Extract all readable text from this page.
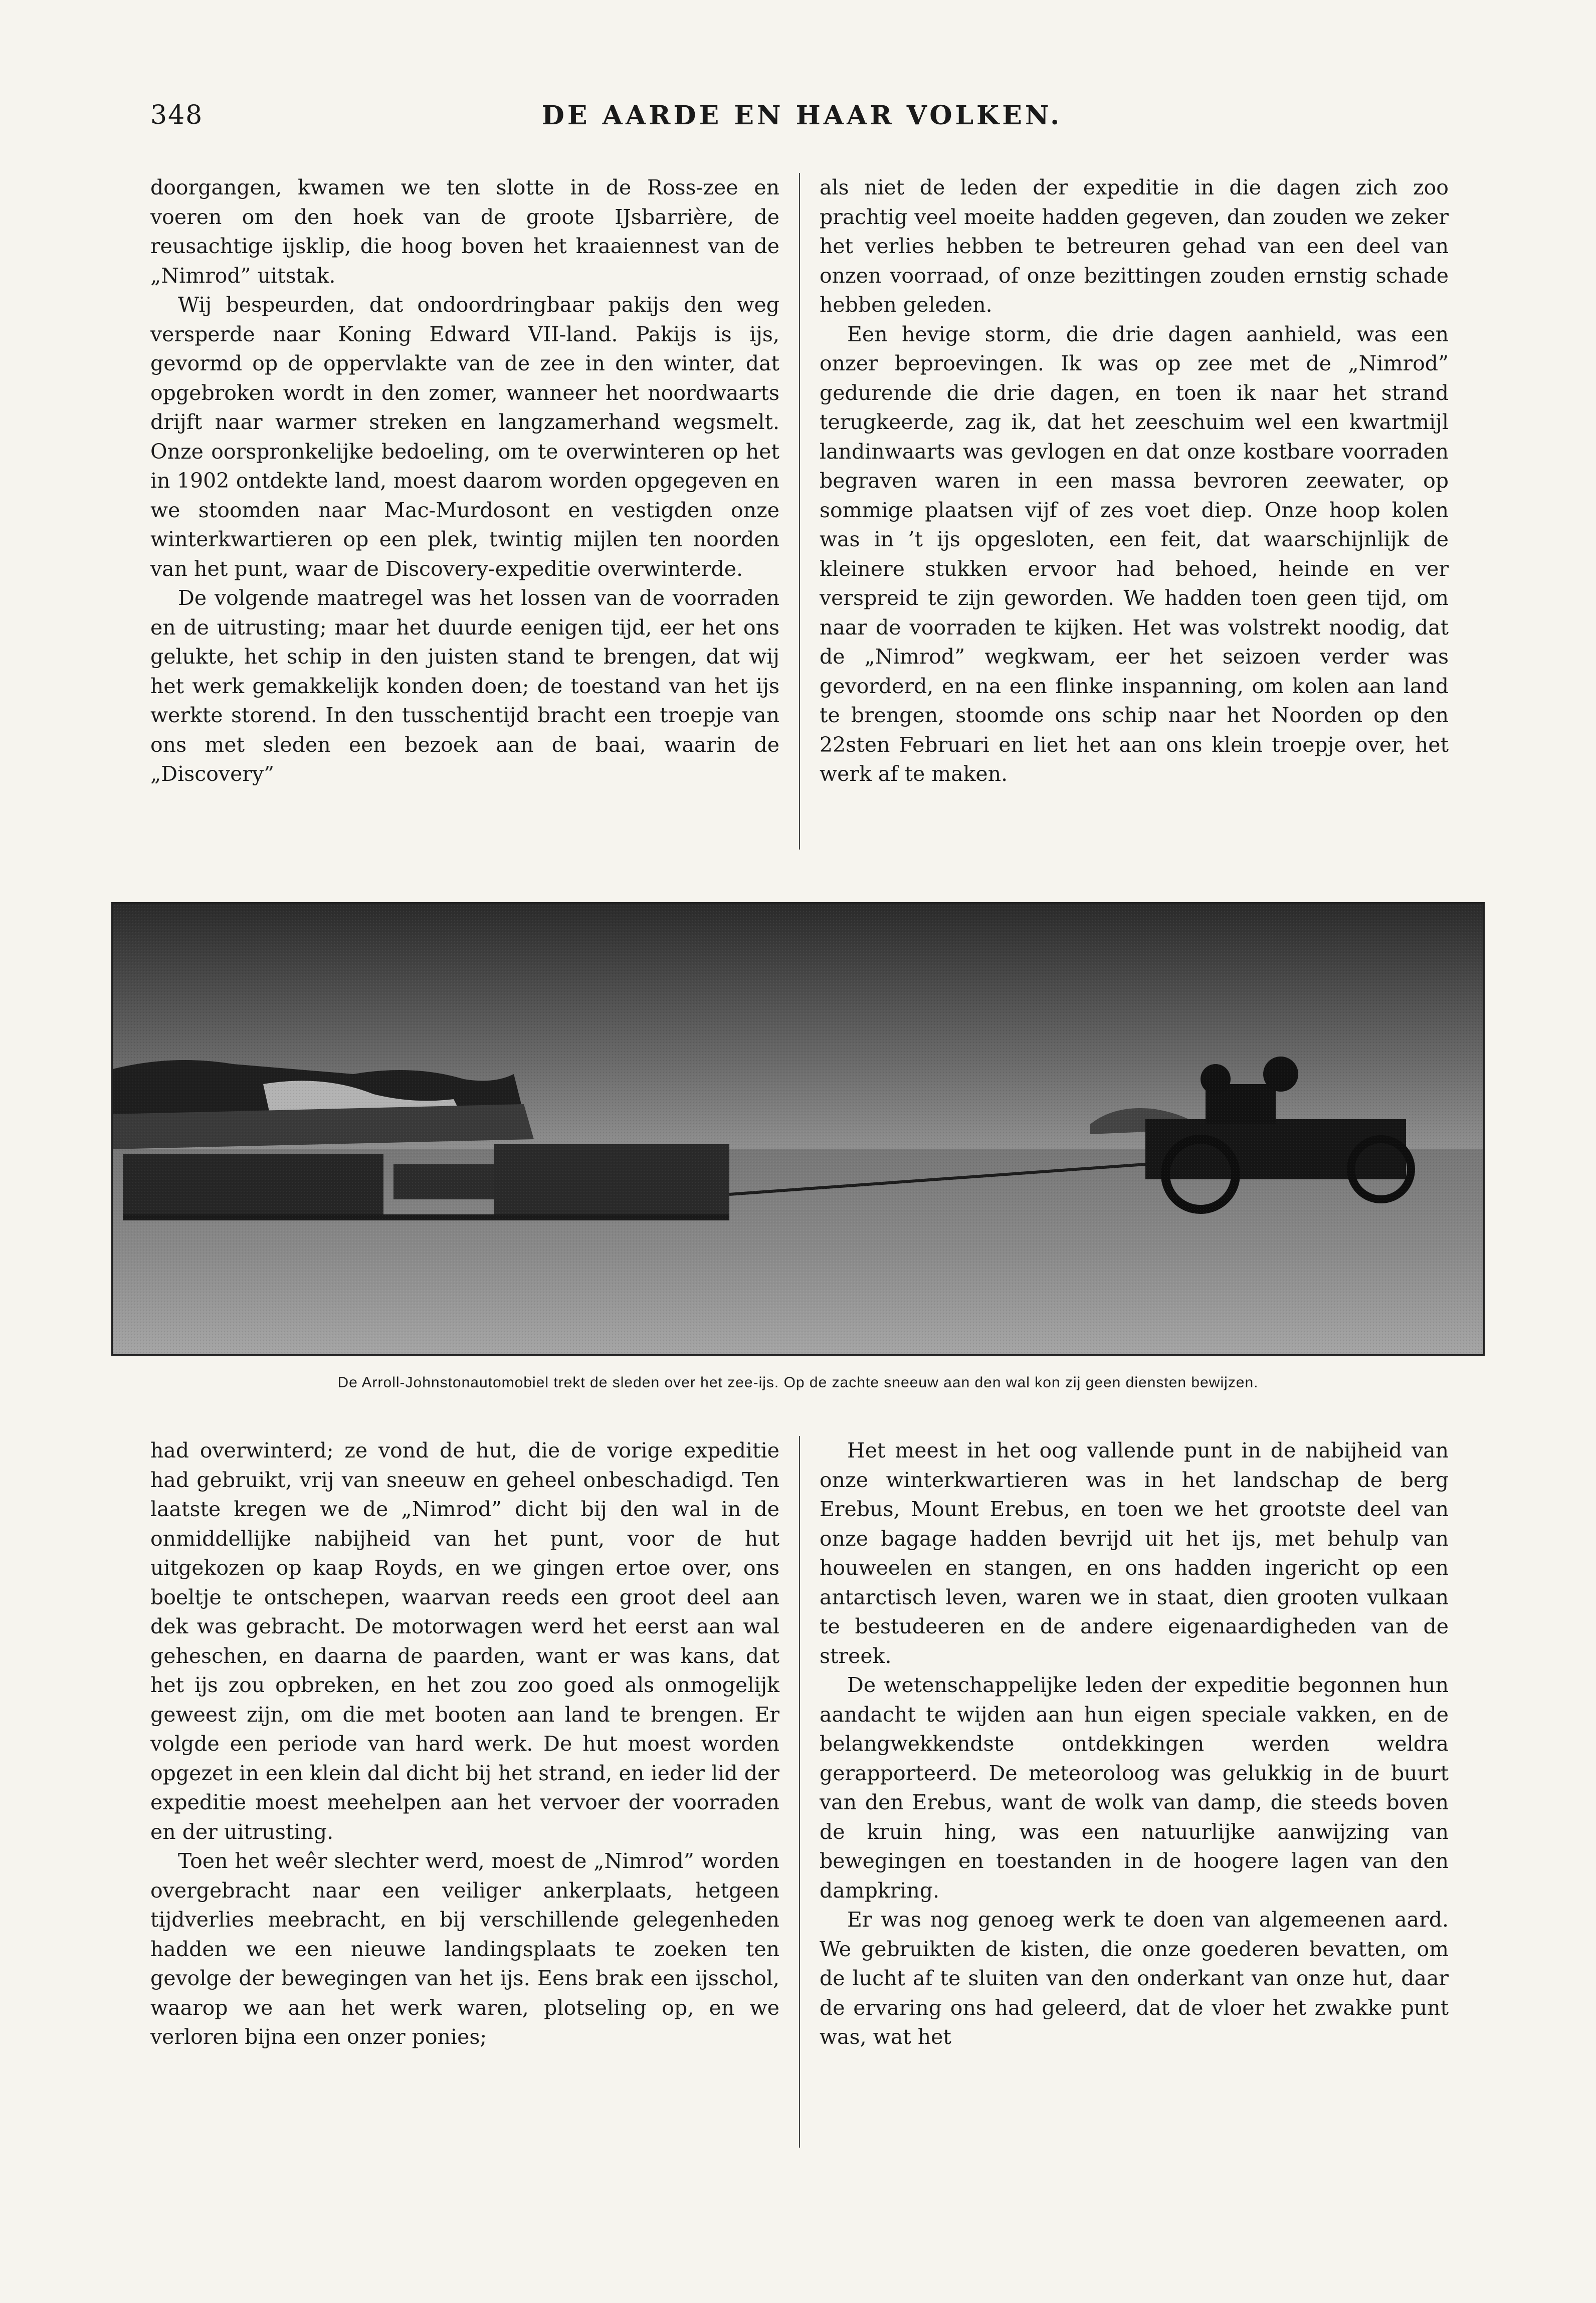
348	DE AARDE EN HAAR VOLKEN.

doorgangen, kwamen we ten slotte in de Ross-zee en voeren om den hoek van de groote IJsbarrière, de reusachtige ijsklip, die hoog boven het kraaiennest van de „Nimrod” uitstak.

Wij bespeurden, dat ondoordringbaar pakijs den weg versperde naar Koning Edward VII-land. Pakijs is ijs, gevormd op de oppervlakte van de zee in den winter, dat opgebroken wordt in den zomer, wanneer het noordwaarts drijft naar warmer streken en langzamerhand wegsmelt. Onze oorspronkelijke bedoeling, om te overwinteren op het in 1902 ontdekte land, moest daarom worden opgegeven en we stoomden naar Mac-Murdosont en vestigden onze winterkwartieren op een plek, twintig mijlen ten noorden van het punt, waar de Discovery-expeditie overwinterde.

De volgende maatregel was het lossen van de voorraden en de uitrusting; maar het duurde eenigen tijd, eer het ons gelukte, het schip in den juisten stand te brengen, dat wij het werk gemakkelijk konden doen; de toestand van het ijs werkte storend. In den tusschentijd bracht een troepje van ons met sleden een bezoek aan de baai, waarin de „Discovery”

als niet de leden der expeditie in die dagen zich zoo prachtig veel moeite hadden gegeven, dan zouden we zeker het verlies hebben te betreuren gehad van een deel van onzen voorraad, of onze bezittingen zouden ernstig schade hebben geleden.

Een hevige storm, die drie dagen aanhield, was een onzer beproevingen. Ik was op zee met de „Nimrod” gedurende die drie dagen, en toen ik naar het strand terugkeerde, zag ik, dat het zeeschuim wel een kwartmijl landinwaarts was gevlogen en dat onze kostbare voorraden begraven waren in een massa bevroren zeewater, op sommige plaatsen vijf of zes voet diep. Onze hoop kolen was in ’t ijs opgesloten, een feit, dat waarschijnlijk de kleinere stukken ervoor had behoed, heinde en ver verspreid te zijn geworden. We hadden toen geen tijd, om naar de voorraden te kijken. Het was volstrekt noodig, dat de „Nimrod” wegkwam, eer het seizoen verder was gevorderd, en na een flinke inspanning, om kolen aan land te brengen, stoomde ons schip naar het Noorden op den 22sten Februari en liet het aan ons klein troepje over, het werk af te maken.

De Arroll-Johnstonautomobiel trekt de sleden over het zee-ijs. Op de zachte sneeuw aan den wal kon zij geen diensten bewijzen.

had overwinterd; ze vond de hut, die de vorige expeditie had gebruikt, vrij van sneeuw en geheel onbeschadigd. Ten laatste kregen we de „Nimrod” dicht bij den wal in de onmiddellijke nabijheid van het punt, voor de hut uitgekozen op kaap Royds, en we gingen ertoe over, ons boeltje te ontschepen, waarvan reeds een groot deel aan dek was gebracht. De motorwagen werd het eerst aan wal geheschen, en daarna de paarden, want er was kans, dat het ijs zou opbreken, en het zou zoo goed als onmogelijk geweest zijn, om die met booten aan land te brengen. Er volgde een periode van hard werk. De hut moest worden opgezet in een klein dal dicht bij het strand, en ieder lid der expeditie moest meehelpen aan het vervoer der voorraden en der uitrusting.

Toen het weêr slechter werd, moest de „Nimrod” worden overgebracht naar een veiliger ankerplaats, hetgeen tijdverlies meebracht, en bij verschillende gelegenheden hadden we een nieuwe landingsplaats te zoeken ten gevolge der bewegingen van het ijs. Eens brak een ijsschol, waarop we aan het werk waren, plotseling op, en we verloren bijna een onzer ponies;

Het meest in het oog vallende punt in de nabijheid van onze winterkwartieren was in het landschap de berg Erebus, Mount Erebus, en toen we het grootste deel van onze bagage hadden bevrijd uit het ijs, met behulp van houweelen en stangen, en ons hadden ingericht op een antarctisch leven, waren we in staat, dien grooten vulkaan te bestudeeren en de andere eigenaardigheden van de streek.

De wetenschappelijke leden der expeditie begonnen hun aandacht te wijden aan hun eigen speciale vakken, en de belangwekkendste ontdekkingen werden weldra gerapporteerd. De meteoroloog was gelukkig in de buurt van den Erebus, want de wolk van damp, die steeds boven de kruin hing, was een natuurlijke aanwijzing van bewegingen en toestanden in de hoogere lagen van den dampkring.

Er was nog genoeg werk te doen van algemeenen aard. We gebruikten de kisten, die onze goederen bevatten, om de lucht af te sluiten van den onderkant van onze hut, daar de ervaring ons had geleerd, dat de vloer het zwakke punt was, wat het
